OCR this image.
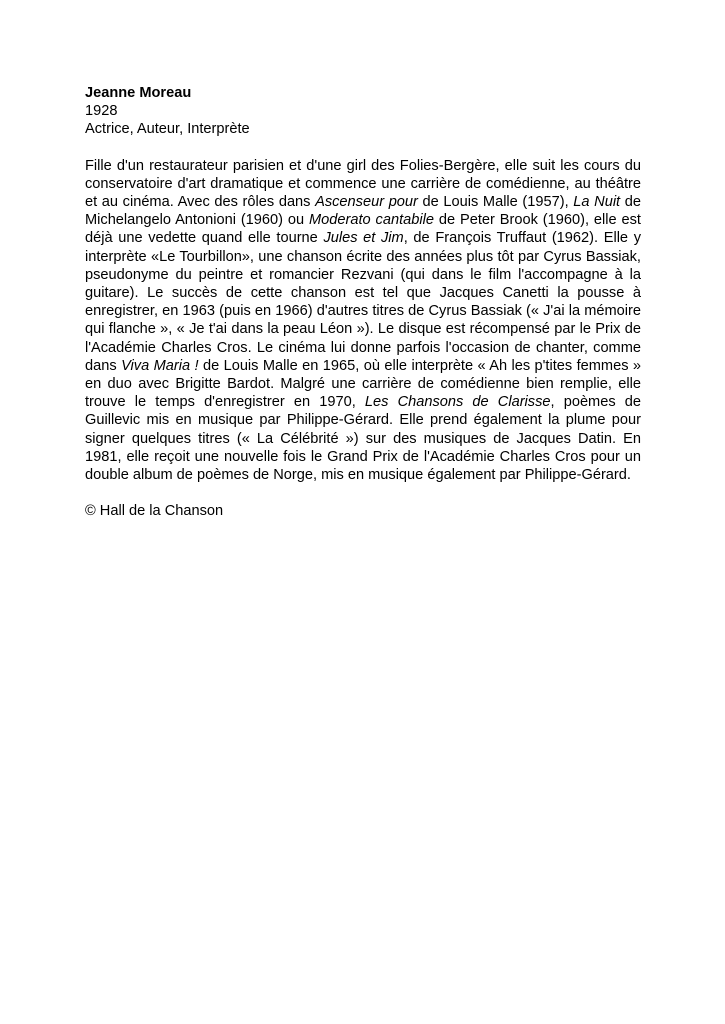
Jeanne Moreau

1928

Actrice, Auteur, Interprète

Fille d'un restaurateur parisien et d'une girl des Folies-Bergère, elle suit les cours du conservatoire d'art dramatique et commence une carrière de comédienne, au théâtre et au cinéma. Avec des rôles dans Ascenseur pour de Louis Malle (1957), La Nuit de Michelangelo Antonioni (1960) ou Moderato cantabile de Peter Brook (1960), elle est déjà une vedette quand elle tourne Jules et Jim, de François Truffaut (1962). Elle y interprète «Le Tourbillon», une chanson écrite des années plus tôt par Cyrus Bassiak, pseudonyme du peintre et romancier Rezvani (qui dans le film l'accompagne à la guitare). Le succès de cette chanson est tel que Jacques Canetti la pousse à enregistrer, en 1963 (puis en 1966) d'autres titres de Cyrus Bassiak (« J'ai la mémoire qui flanche », « Je t'ai dans la peau Léon »). Le disque est récompensé par le Prix de l'Académie Charles Cros. Le cinéma lui donne parfois l'occasion de chanter, comme dans Viva Maria ! de Louis Malle en 1965, où elle interprète « Ah les p'tites femmes » en duo avec Brigitte Bardot. Malgré une carrière de comédienne bien remplie, elle trouve le temps d'enregistrer en 1970, Les Chansons de Clarisse, poèmes de Guillevic mis en musique par Philippe-Gérard. Elle prend également la plume pour signer quelques titres (« La Célébrité ») sur des musiques de Jacques Datin. En 1981, elle reçoit une nouvelle fois le Grand Prix de l'Académie Charles Cros pour un double album de poèmes de Norge, mis en musique également par Philippe-Gérard.

© Hall de la Chanson
